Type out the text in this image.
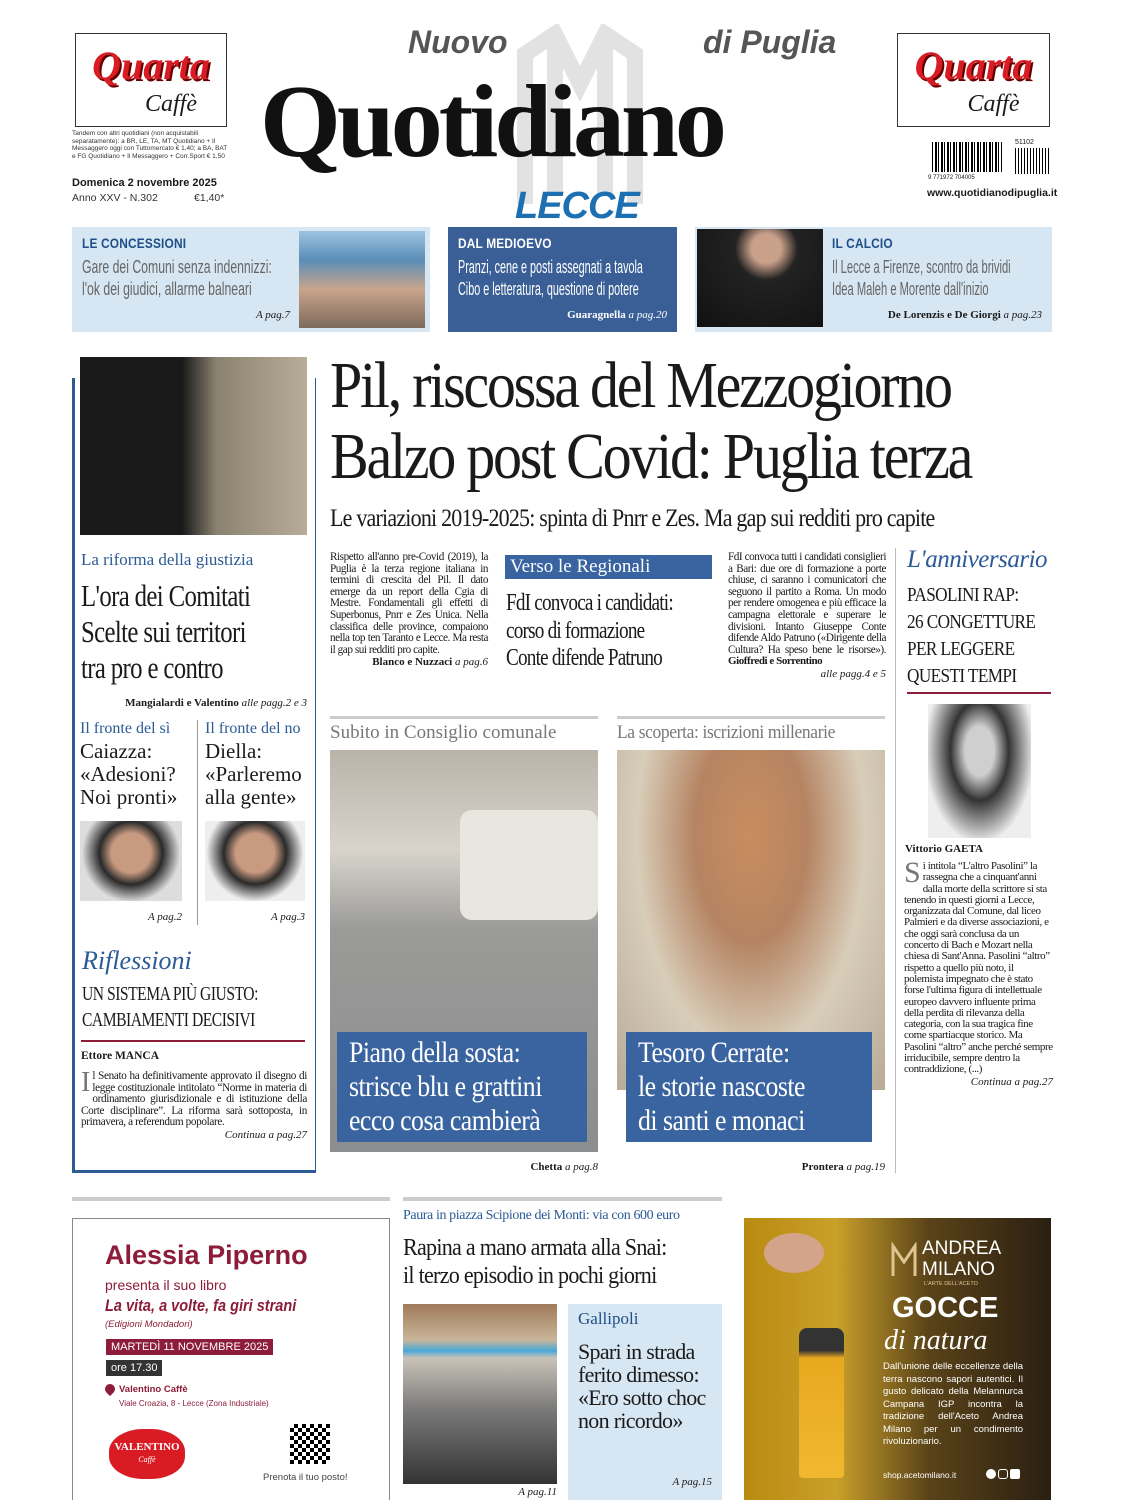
Quarta
Caffè
Tandem con altri quotidiani (non acquistabili separatamente): a BR, LE, TA, MT Quotidiano + Il Messaggero oggi con Tuttomercato € 1,40; a BA, BAT e FG Quotidiano + Il Messaggero + Corr.Sport € 1,50
Domenica 2 novembre 2025
Anno XXV - N.302	€1,40*
Nuovo	di Puglia
Quotidiano
LECCE
Quarta
Caffè
51102
9 771972 704005
www.quotidianodipuglia.it
LE CONCESSIONI
Gare dei Comuni senza indennizzi:
l'ok dei giudici, allarme balneari
A pag.7
DAL MEDIOEVO
Pranzi, cene e posti assegnati a tavola
Cibo e letteratura, questione di potere
Guaragnella a pag.20
IL CALCIO
Il Lecce a Firenze, scontro da brividi
Idea Maleh e Morente dall'inizio
De Lorenzis e De Giorgi a pag.23
La riforma della giustizia
L'ora dei Comitati
Scelte sui territori
tra pro e contro
Mangialardi e Valentino alle pagg.2 e 3
Il fronte del sì
Caiazza:
«Adesioni?
Noi pronti»
A pag.2
Il fronte del no
Diella:
«Parleremo
alla gente»
A pag.3
Riflessioni
UN SISTEMA PIÙ GIUSTO:
CAMBIAMENTI DECISIVI
Ettore MANCA
Il Senato ha definitivamente approvato il disegno di legge costituzionale intitolato “Norme in materia di ordinamento giurisdizionale e di istituzione della Corte disciplinare”. La riforma sarà sottoposta, in primavera, a referendum popolare.
Continua a pag.27
Pil, riscossa del Mezzogiorno
Balzo post Covid: Puglia terza
Le variazioni 2019-2025: spinta di Pnrr e Zes. Ma gap sui redditi pro capite
Rispetto all'anno pre-Covid (2019), la Puglia è la terza regione italiana in termini di crescita del Pil. Il dato emerge da un report della Cgia di Mestre. Fondamentali gli effetti di Superbonus, Pnrr e Zes Unica. Nella classifica delle province, compaiono nella top ten Taranto e Lecce. Ma resta il gap sui redditi pro capite.
Blanco e Nuzzaci a pag.6
Verso le Regionali
FdI convoca i candidati:
corso di formazione
Conte difende Patruno
FdI convoca tutti i candidati consiglieri a Bari: due ore di formazione a porte chiuse, ci saranno i comunicatori che seguono il partito a Roma. Un modo per rendere omogenea e più efficace la campagna elettorale e superare le divisioni. Intanto Giuseppe Conte difende Aldo Patruno («Dirigente della Cultura? Ha speso bene le risorse»). Gioffredi e Sorrentino
alle pagg.4 e 5
Subito in Consiglio comunale
Piano della sosta:
strisce blu e grattini
ecco cosa cambierà
Chetta a pag.8
La scoperta: iscrizioni millenarie
Tesoro Cerrate:
le storie nascoste
di santi e monaci
Prontera a pag.19
L'anniversario
PASOLINI RAP:
26 CONGETTURE
PER LEGGERE
QUESTI TEMPI
Vittorio GAETA
Si intitola “L'altro Pasolini” la rassegna che a cinquant'anni dalla morte della scrittore si sta tenendo in questi giorni a Lecce, organizzata dal Comune, dal liceo Palmieri e da diverse associazioni, e che oggi sarà conclusa da un concerto di Bach e Mozart nella chiesa di Sant'Anna. Pasolini “altro” rispetto a quello più noto, il polemista impegnato che è stato forse l'ultima figura di intellettuale europeo davvero influente prima della perdita di rilevanza della categoria, con la sua tragica fine come spartiacque storico. Ma Pasolini “altro” anche perché sempre irriducibile, sempre dentro la contraddizione, (...)
Continua a pag.27
Alessia Piperno
presenta il suo libro
La vita, a volte, fa giri strani
(Edigioni Mondadori)
MARTEDÌ 11 NOVEMBRE 2025
ore 17.30
Valentino Caffè
Viale Croazia, 8 - Lecce (Zona Industriale)
VALENTINO
Caffè
Prenota il tuo posto!
Paura in piazza Scipione dei Monti: via con 600 euro
Rapina a mano armata alla Snai:
il terzo episodio in pochi giorni
A pag.11
Gallipoli
Spari in strada
ferito dimesso:
«Ero sotto choc
non ricordo»
A pag.15
ANDREA
MILANO
L'ARTE DELL'ACETO
GOCCE
di natura
Dall'unione delle eccellenze della terra nascono sapori autentici. Il gusto delicato della Melannurca Campana IGP incontra la tradizione dell'Aceto Andrea Milano per un condimento rivoluzionario.
shop.acetomilano.it
